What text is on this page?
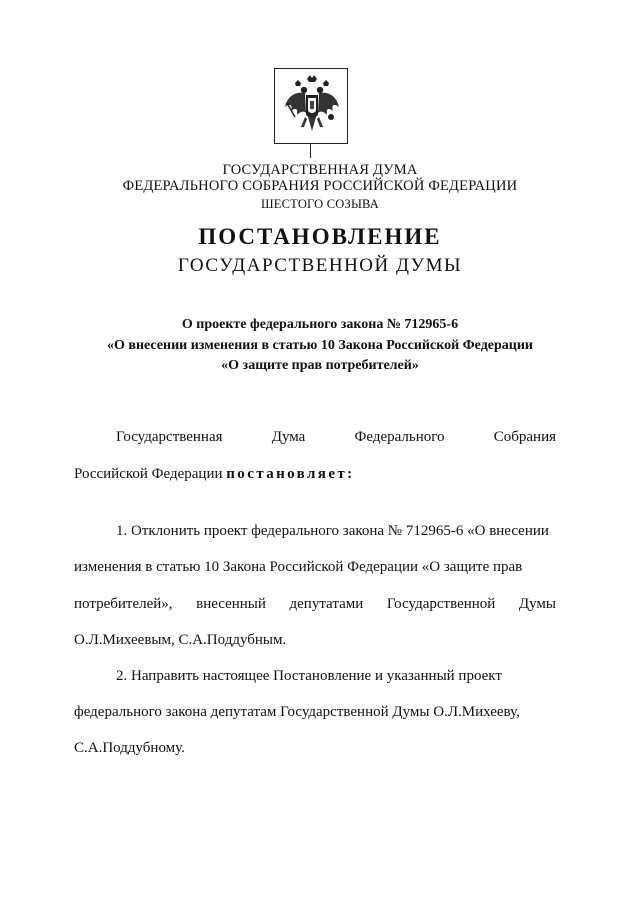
ГОСУДАРСТВЕННАЯ ДУМА
ФЕДЕРАЛЬНОГО СОБРАНИЯ РОССИЙСКОЙ ФЕДЕРАЦИИ
ШЕСТОГО СОЗЫВА
ПОСТАНОВЛЕНИЕ
ГОСУДАРСТВЕННОЙ ДУМЫ
О проекте федерального закона № 712965-6
«О внесении изменения в статью 10 Закона Российской Федерации
«О защите прав потребителей»
Государственная	Дума	Федерального	Собрания
Российской Федерации постановляет:
1. Отклонить проект федерального закона № 712965-6 «О внесении
изменения в статью 10 Закона Российской Федерации «О защите прав
потребителей», внесенный депутатами Государственной Думы
О.Л.Михеевым, С.А.Поддубным.
2. Направить настоящее Постановление и указанный проект
федерального закона депутатам Государственной Думы О.Л.Михееву,
С.А.Поддубному.
